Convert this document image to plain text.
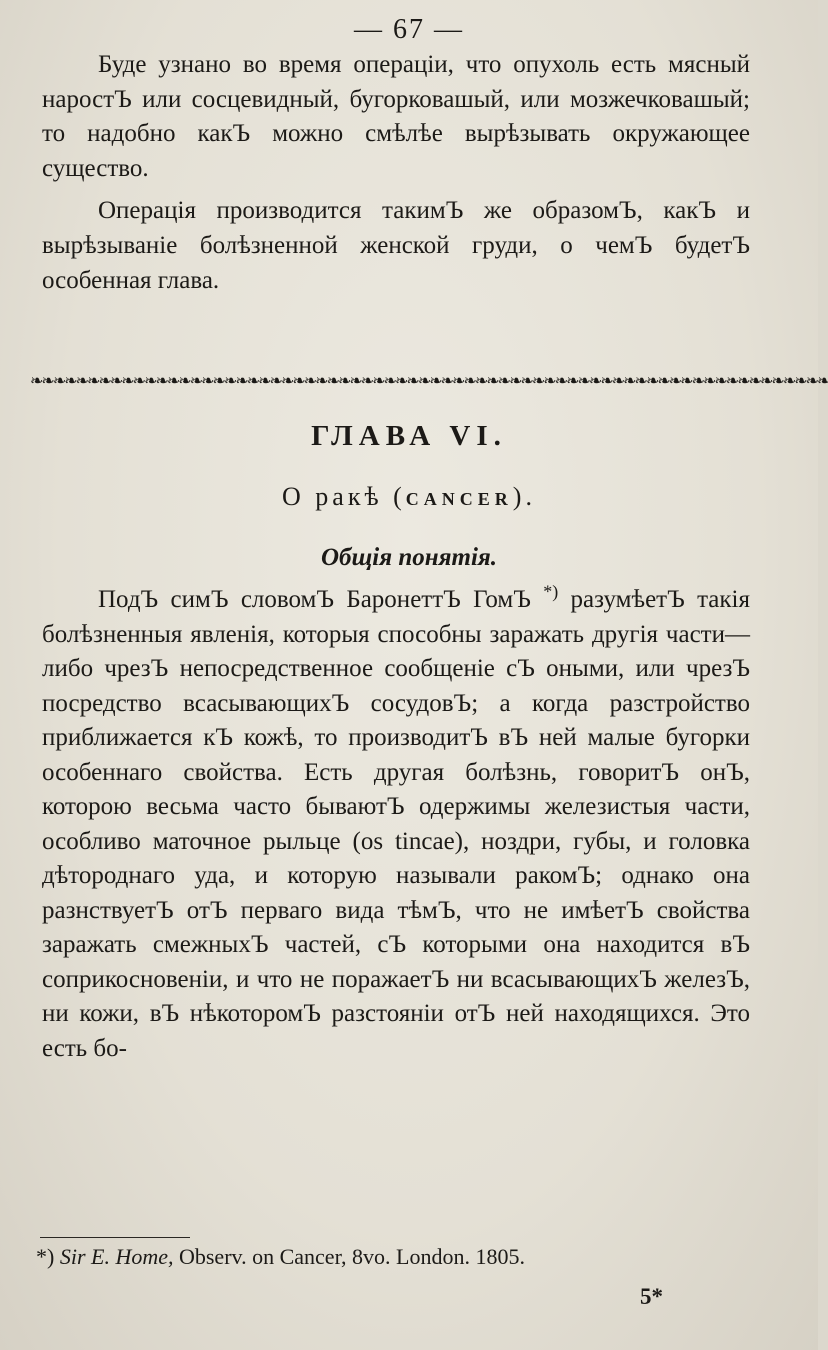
— 67 —

Буде узнано во время операціи, что опухоль есть мясный наростЪ или сосцевидный, бугорковашый, или мозжечковашый; то надобно какЪ можно смѣлѣе вырѣзывать окружающее существо.

Операція производится такимЪ же образомЪ, какЪ и вырѣзываніе болѣзненной женской груди, о чемЪ будетЪ особенная глава.

❧❧❧❧❧❧❧❧❧❧❧❧❧❧❧❧❧❧❧❧❧❧❧❧❧❧❧❧❧❧❧❧❧❧❧❧❧❧❧❧❧❧❧❧❧❧❧❧❧❧❧❧❧❧❧❧❧❧❧❧❧❧❧❧❧❧❧❧❧❧
ГЛАВА VI.
О ракѣ (CANCER).
Общія понятія.

ПодЪ симЪ словомЪ БаронеттЪ ГомЪ *) разумѣетЪ такія болѣзненныя явленія, которыя способны заражать другія части—либо чрезЪ непосредственное сообщеніе сЪ оными, или чрезЪ посредство всасывающихЪ сосудовЪ; а когда разстройство приближается кЪ кожѣ, то производитЪ вЪ ней малые бугорки особеннаго свойства. Есть другая болѣзнь, говоритЪ онЪ, которою весьма часто бываютЪ одержимы железистыя части, особливо маточное рыльце (os tincae), ноздри, губы, и головка дѣтороднаго уда, и которую называли ракомЪ; однако она разнствуетЪ отЪ перваго вида тѣмЪ, что не имѣетЪ свойства заражать смежныхЪ частей, сЪ которыми она находится вЪ соприкосновеніи, и что не поражаетЪ ни всасывающихЪ железЪ, ни кожи, вЪ нѣкоторомЪ разстояніи отЪ ней находящихся. Это есть бо-

*) Sir E. Home, Observ. on Cancer, 8vo. London. 1805.
5*
